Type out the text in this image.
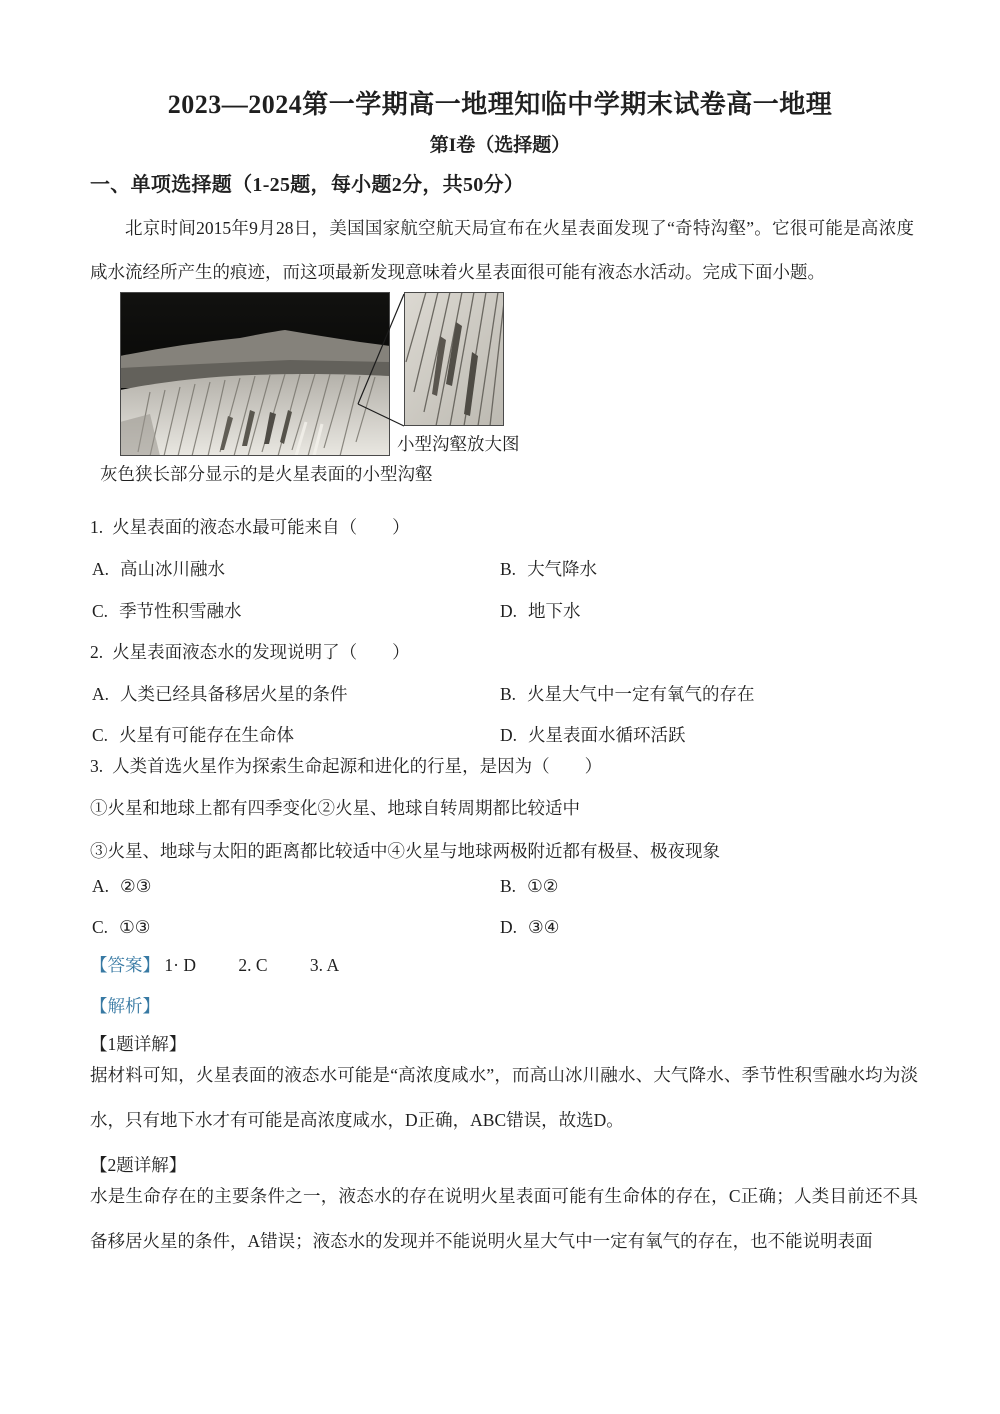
2023—2024第一学期高一地理知临中学期末试卷高一地理
第I卷（选择题）
一、单项选择题（1-25题，每小题2分，共50分）

北京时间2015年9月28日，美国国家航空航天局宣布在火星表面发现了“奇特沟壑”。它很可能是高浓度咸水流经所产生的痕迹，而这项最新发现意味着火星表面很可能有液态水活动。完成下面小题。

小型沟壑放大图
灰色狭长部分显示的是火星表面的小型沟壑
1. 火星表面的液态水最可能来自（　　）
A. 高山冰川融水	B. 大气降水
C. 季节性积雪融水	D. 地下水
2. 火星表面液态水的发现说明了（　　）
A. 人类已经具备移居火星的条件	B. 火星大气中一定有氧气的存在
C. 火星有可能存在生命体	D. 火星表面水循环活跃
3. 人类首选火星作为探索生命起源和进化的行星，是因为（　　）
①火星和地球上都有四季变化②火星、地球自转周期都比较适中
③火星、地球与太阳的距离都比较适中④火星与地球两极附近都有极昼、极夜现象
A. ②③	B. ①②
C. ①③	D. ③④
【答案】 1· D 2. C 3. A
【解析】
【1题详解】

据材料可知，火星表面的液态水可能是“高浓度咸水”，而高山冰川融水、大气降水、季节性积雪融水均为淡水，只有地下水才有可能是高浓度咸水，D正确，ABC错误，故选D。

【2题详解】

水是生命存在的主要条件之一，液态水的存在说明火星表面可能有生命体的存在，C正确；人类目前还不具备移居火星的条件，A错误；液态水的发现并不能说明火星大气中一定有氧气的存在，也不能说明表面
